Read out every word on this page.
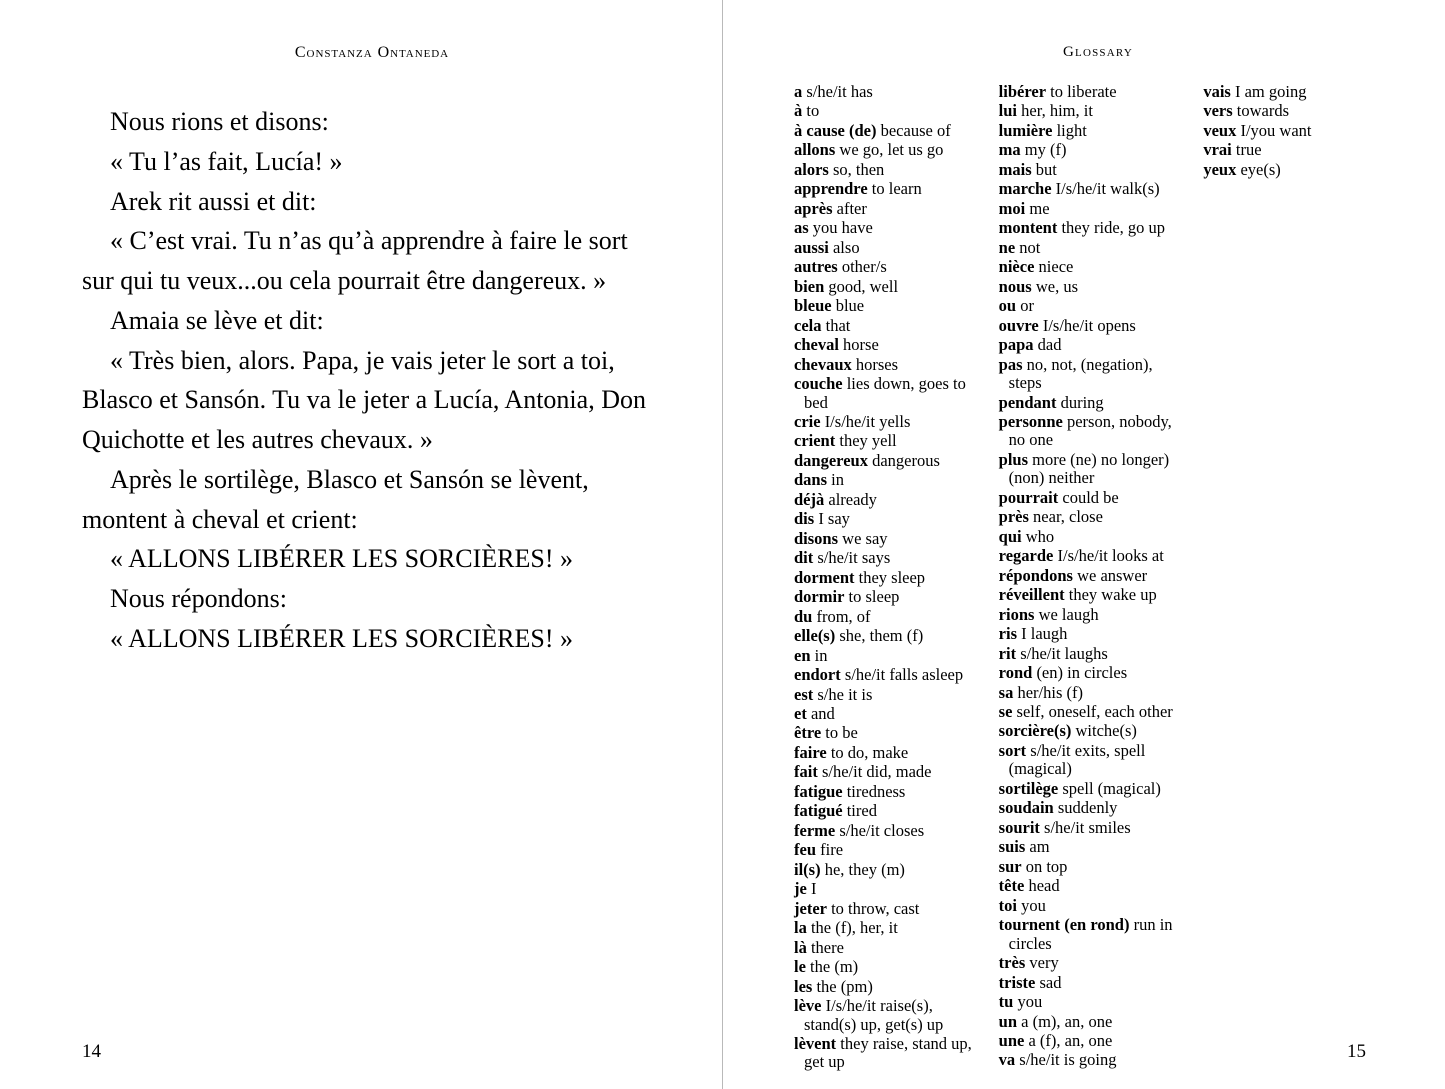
Constanza Ontaneda

Nous rions et disons:

« Tu l’as fait, Lucía! »

Arek rit aussi et dit:

« C’est vrai. Tu n’as qu’à apprendre à faire le sort sur qui tu veux...ou cela pourrait être dangereux. »

Amaia se lève et dit:

« Très bien, alors. Papa, je vais jeter le sort a toi, Blasco et Sansón. Tu va le jeter a Lucía, Antonia, Don Quichotte et les autres chevaux. »

Après le sortilège, Blasco et Sansón se lèvent, montent à cheval et crient:

« ALLONS LIBÉRER LES SORCIÈRES! »

Nous répondons:

« ALLONS LIBÉRER LES SORCIÈRES! »

14
Glossary

a s/he/it has

à to

à cause (de) because of

allons we go, let us go

alors so, then

apprendre to learn

après after

as you have

aussi also

autres other/s

bien good, well

bleue blue

cela that

cheval horse

chevaux horses

couche lies down, goes to bed

crie I/s/he/it yells

crient they yell

dangereux dangerous

dans in

déjà already

dis I say

disons we say

dit s/he/it says

dorment they sleep

dormir to sleep

du from, of

elle(s) she, them (f)

en in

endort s/he/it falls asleep

est s/he it is

et and

être to be

faire to do, make

fait s/he/it did, made

fatigue tiredness

fatigué tired

ferme s/he/it closes

feu fire

il(s) he, they (m)

je I

jeter to throw, cast

la the (f), her, it

là there

le the (m)

les the (pm)

lève I/s/he/it raise(s), stand(s) up, get(s) up

lèvent they raise, stand up, get up

libérer to liberate

lui her, him, it

lumière light

ma my (f)

mais but

marche I/s/he/it walk(s)

moi me

montent they ride, go up

ne not

nièce niece

nous we, us

ou or

ouvre I/s/he/it opens

papa dad

pas no, not, (negation), steps

pendant during

personne person, nobody, no one

plus more (ne) no longer) (non) neither

pourrait could be

près near, close

qui who

regarde I/s/he/it looks at

répondons we answer

réveillent they wake up

rions we laugh

ris I laugh

rit s/he/it laughs

rond (en) in circles

sa her/his (f)

se self, oneself, each other

sorcière(s) witche(s)

sort s/he/it exits, spell (magical)

sortilège spell (magical)

soudain suddenly

sourit s/he/it smiles

suis am

sur on top

tête head

toi you

tournent (en rond) run in circles

très very

triste sad

tu you

un a (m), an, one

une a (f), an, one

va s/he/it is going

vais I am going

vers towards

veux I/you want

vrai true

yeux eye(s)

15
